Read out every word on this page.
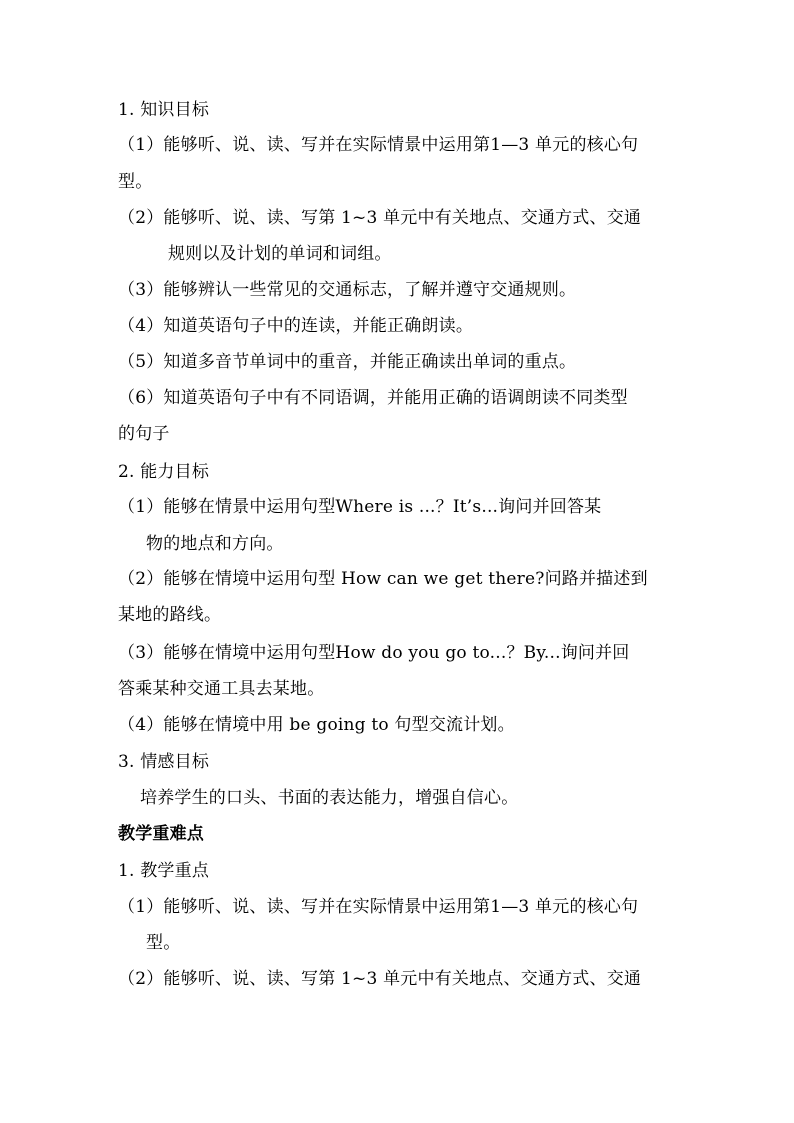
1. 知识目标
（1）能够听、说、读、写并在实际情景中运用第1—3 单元的核心句
型。
（2）能够听、说、读、写第 1~3 单元中有关地点、交通方式、交通
规则以及计划的单词和词组。
（3）能够辨认一些常见的交通标志，了解并遵守交通规则。
（4）知道英语句子中的连读，并能正确朗读。
（5）知道多音节单词中的重音，并能正确读出单词的重点。
（6）知道英语句子中有不同语调，并能用正确的语调朗读不同类型
的句子
2. 能力目标
（1）能够在情景中运用句型Where is ...？It’s...询问并回答某
物的地点和方向。
（2）能够在情境中运用句型 How can we get there?问路并描述到
某地的路线。
（3）能够在情境中运用句型How do you go to...？By...询问并回
答乘某种交通工具去某地。
（4）能够在情境中用 be going to 句型交流计划。
3. 情感目标
培养学生的口头、书面的表达能力，增强自信心。
教学重难点
1. 教学重点
（1）能够听、说、读、写并在实际情景中运用第1—3 单元的核心句
型。
（2）能够听、说、读、写第 1~3 单元中有关地点、交通方式、交通
